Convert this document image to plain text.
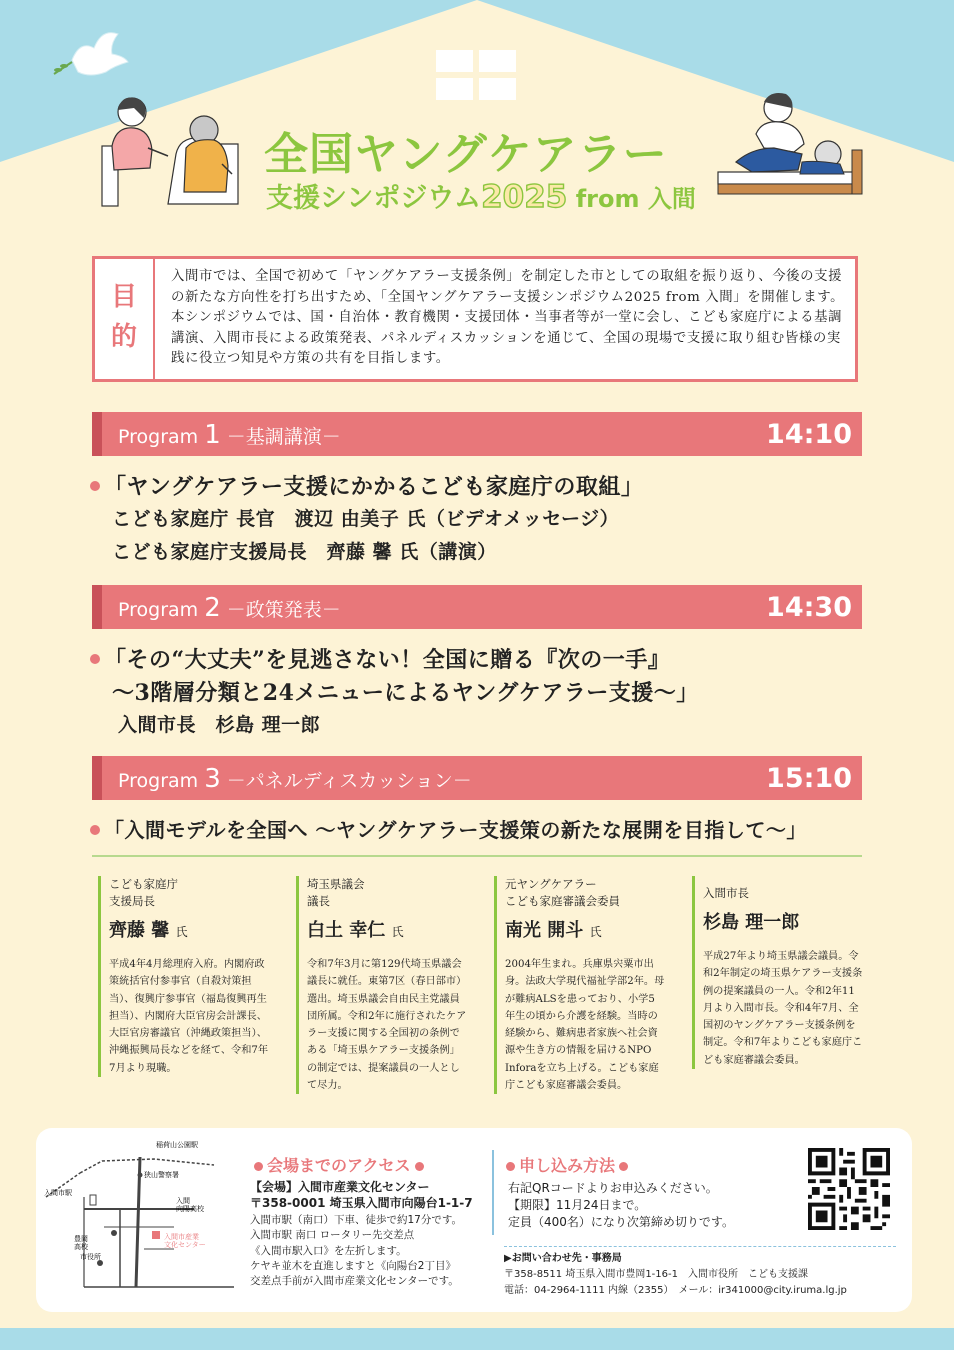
全国ヤングケアラー
支援シンポジウム2025 from 入間
目
的
入間市では、全国で初めて「ヤングケアラー支援条例」を制定した市としての取組を振り返り、今後の支援の新たな方向性を打ち出すため、「全国ヤングケアラー支援シンポジウム2025 from 入間」を開催します。本シンポジウムでは、国・自治体・教育機関・支援団体・当事者等が一堂に会し、こども家庭庁による基調講演、入間市長による政策発表、パネルディスカッションを通じて、全国の現場で支援に取り組む皆様の実践に役立つ知見や方策の共有を目指します。
Program 1 －基調講演－	14:10
「ヤングケアラー支援にかかるこども家庭庁の取組」
こども家庭庁 長官　渡辺 由美子 氏（ビデオメッセージ）
こども家庭庁支援局長　齊藤 馨 氏（講演）
Program 2 －政策発表－	14:30
「その“大丈夫”を見逃さない！全国に贈る『次の一手』
～3階層分類と24メニューによるヤングケアラー支援～」
入間市長　杉島 理一郎
Program 3 －パネルディスカッション－	15:10
「入間モデルを全国へ ～ヤングケアラー支援策の新たな展開を目指して～」
こども家庭庁
支援局長
齊藤 馨 氏
平成4年4月総理府入府。内閣府政策統括官付参事官（自殺対策担当）、復興庁参事官（福島復興再生担当）、内閣府大臣官房会計課長、大臣官房審議官（沖縄政策担当）、沖縄振興局長などを経て、令和7年7月より現職。
埼玉県議会
議長
白土 幸仁 氏
令和7年3月に第129代埼玉県議会議長に就任。東第7区（春日部市）選出。埼玉県議会自由民主党議員団所属。令和2年に施行されたケアラー支援に関する全国初の条例である「埼玉県ケアラー支援条例」の制定では、提案議員の一人として尽力。
元ヤングケアラー
こども家庭審議会委員
南光 開斗 氏
2004年生まれ。兵庫県宍粟市出身。法政大学現代福祉学部2年。母が難病ALSを患っており、小学5年生の頃から介護を経験。当時の経験から、難病患者家族へ社会資源や生き方の情報を届けるNPO Inforaを立ち上げる。こども家庭庁こども家庭審議会委員。
入間市長
杉島 理一郎
平成27年より埼玉県議会議員。令和2年制定の埼玉県ケアラー支援条例の提案議員の一人。令和2年11月より入間市長。令和4年7月、全国初のヤングケアラー支援条例を制定。令和7年よりこども家庭庁こども家庭審議会委員。
稲荷山公園駅
狭山警察署
入間市駅
入間向陽高校
豊岡高校
市役所
入間市産業文化センター
会場までのアクセス
【会場】入間市産業文化センター
〒358-0001 埼玉県入間市向陽台1-1-7
入間市駅（南口）下車、徒歩で約17分です。
入間市駅 南口 ロータリー先交差点
《入間市駅入口》を左折します。
ケヤキ並木を直進しますと《向陽台2丁目》
交差点手前が入間市産業文化センターです。
申し込み方法
右記QRコードよりお申込みください。
【期限】11月24日まで。
定員（400名）になり次第締め切りです。
▶お問い合わせ先・事務局
〒358-8511 埼玉県入間市豊岡1-16-1　入間市役所　こども支援課
電話：04-2964-1111 内線（2355）　メール：ir341000@city.iruma.lg.jp
